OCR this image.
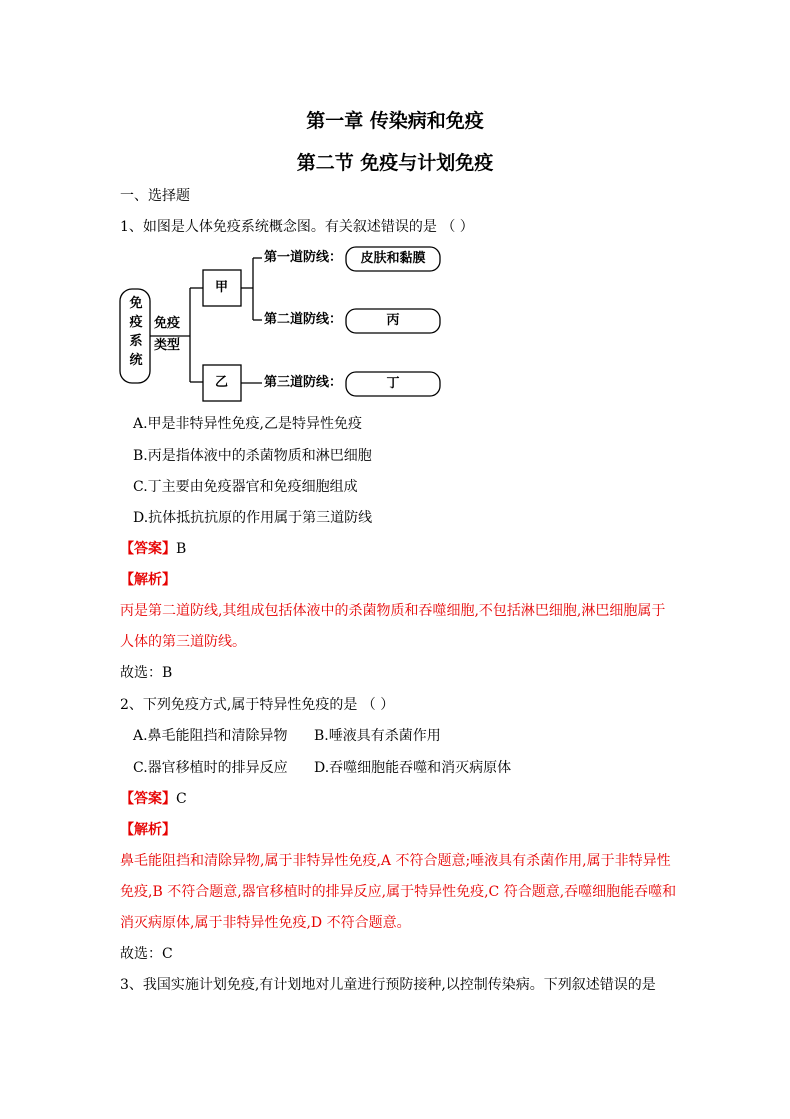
第一章 传染病和免疫
第二节 免疫与计划免疫
一、选择题
1、如图是人体免疫系统概念图。有关叙述错误的是 （ ）
免疫系统
免疫
类型
甲
乙
第一道防线：
第二道防线：
第三道防线：
皮肤和黏膜
丙
丁
A.甲是非特异性免疫,乙是特异性免疫
B.丙是指体液中的杀菌物质和淋巴细胞
C.丁主要由免疫器官和免疫细胞组成
D.抗体抵抗抗原的作用属于第三道防线
【答案】B
【解析】
丙是第二道防线,其组成包括体液中的杀菌物质和吞噬细胞,不包括淋巴细胞,淋巴细胞属于
人体的第三道防线。
故选：B
2、下列免疫方式,属于特异性免疫的是 （ ）
A.鼻毛能阻挡和清除异物 B.唾液具有杀菌作用
C.器官移植时的排异反应 D.吞噬细胞能吞噬和消灭病原体
【答案】C
【解析】
鼻毛能阻挡和清除异物,属于非特异性免疫,A 不符合题意;唾液具有杀菌作用,属于非特异性
免疫,B 不符合题意,器官移植时的排异反应,属于特异性免疫,C 符合题意,吞噬细胞能吞噬和
消灭病原体,属于非特异性免疫,D 不符合题意。
故选：C
3、我国实施计划免疫,有计划地对儿童进行预防接种,以控制传染病。下列叙述错误的是
